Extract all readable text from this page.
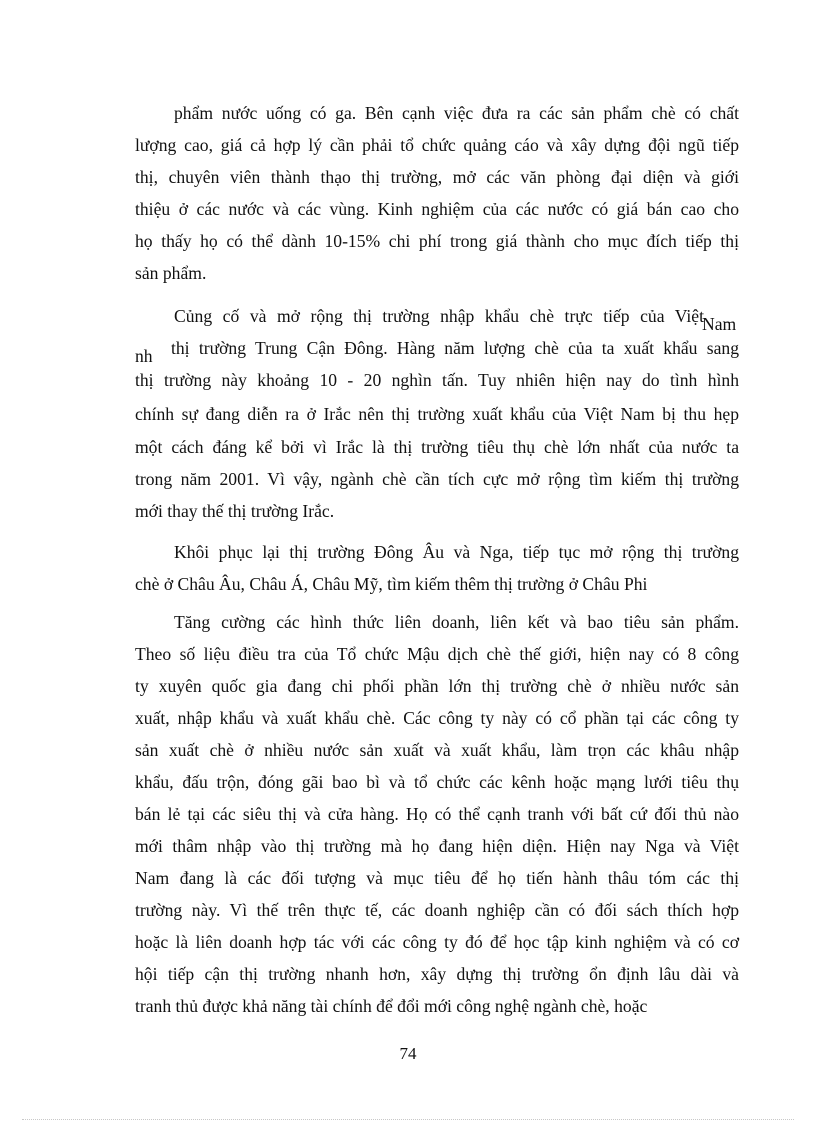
phẩm nước uống có ga. Bên cạnh việc đưa ra các sản phẩm chè có chất

lượng cao, giá cả hợp lý cần phải tổ chức quảng cáo và xây dựng đội ngũ tiếp

thị, chuyên viên thành thạo thị trường, mở các văn phòng đại diện và giới

thiệu ở các nước và các vùng. Kinh nghiệm của các nước có giá bán cao cho

họ thấy họ có thể dành 10-15% chi phí trong giá thành cho mục đích tiếp thị

sản phẩm.

Củng cố và mở rộng thị trường nhập khẩu chè trực tiếp của Việt

Nam
nh thị trường Trung Cận Đông. Hàng năm lượng chè của ta xuất khẩu sang

thị trường này khoảng 10 - 20 nghìn tấn. Tuy nhiên hiện nay do tình hình

chính sự đang diễn ra ở Irắc nên thị trường xuất khẩu của Việt Nam bị thu hẹp

một cách đáng kể bởi vì Irắc là thị trường tiêu thụ chè lớn nhất của nước ta

trong năm 2001. Vì vậy, ngành chè cần tích cực mở rộng tìm kiếm thị trường

mới thay thế thị trường Irắc.

Khôi phục lại thị trường Đông Âu và Nga, tiếp tục mở rộng thị trường

chè ở Châu Âu, Châu Á, Châu Mỹ, tìm kiếm thêm thị trường ở Châu Phi

Tăng cường các hình thức liên doanh, liên kết và bao tiêu sản phẩm.

Theo số liệu điều tra của Tổ chức Mậu dịch chè thế giới, hiện nay có 8 công

ty xuyên quốc gia đang chi phối phần lớn thị trường chè ở nhiều nước sản

xuất, nhập khẩu và xuất khẩu chè. Các công ty này có cổ phần tại các công ty

sản xuất chè ở nhiều nước sản xuất và xuất khẩu, làm trọn các khâu nhập

khẩu, đấu trộn, đóng gãi bao bì và tổ chức các kênh hoặc mạng lưới tiêu thụ

bán lẻ tại các siêu thị và cửa hàng. Họ có thể cạnh tranh với bất cứ đối thủ nào

mới thâm nhập vào thị trường mà họ đang hiện diện. Hiện nay Nga và Việt

Nam đang là các đối tượng và mục tiêu để họ tiến hành thâu tóm các thị

trường này. Vì thế trên thực tế, các doanh nghiệp cần có đối sách thích hợp

hoặc là liên doanh hợp tác với các công ty đó để học tập kinh nghiệm và có cơ

hội tiếp cận thị trường nhanh hơn, xây dựng thị trường ổn định lâu dài và

tranh thủ được khả năng tài chính để đổi mới công nghệ ngành chè, hoặc

74
